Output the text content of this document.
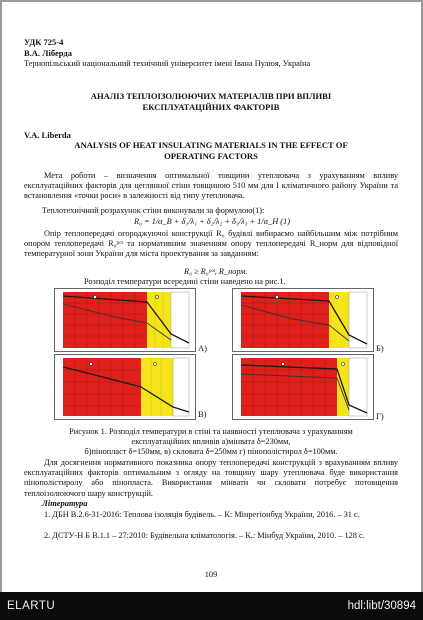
УДК 725-4
В.А. Ліберда
Тернопільський національний технічний університет імені Івана Пулюя, Україна
АНАЛІЗ ТЕПЛОІЗОЛЮЮЧИХ МАТЕРІАЛІВ ПРИ ВПЛИВІ
ЕКСПЛУАТАЦІЙНИХ ФАКТОРІВ
V.A. Liberda
ANALYSIS OF HEAT INSULATING MATERIALS IN THE EFFECT OF
OPERATING FACTORS
Мета роботи – визначення оптимальної товщини утеплювача з урахуванням впливу експлуатаційних факторів для цеглянної стіни товщиною 510 мм для І кліматичного району України та встановлення «точки роси» в залежності від типу утеплювача.
Теплотехнічний розрахунок стіни виконували за формулою(1):
R₀ = 1/α_B + δ₁/λ₁ + δ₂/λ₂ + δ₃/λ₃ + 1/α_H (1)
Опір теплопередачі огороджуючої конструкції R₀ будівлі вибираємо найбільшим між потрібним опором теплопередачі R₀ᵖᵒᵗ та нормативним значенням опору теплопередачі R_норм для відповідної температурної зони України для міста проектування за завданням:
R₀ ≥ R₀ᵖᵒᵗ, R_норм.
Розподіл температури всередині стіни наведено на рис.1.
А)	Б)
В)	Г)
Рисунок 1. Розподіл температури в стіні та наявності утеплювача з урахуванням
експлуатаційних впливів а)мінвата δ=230мм,
б)пінопласт δ=150мм, в) скловата δ=250мм г) пінополістирол δ=100мм.
Для досягнення нормативного показника опору теплопередачі конструкцій з врахуванням впливу експлуатаційних факторів оптимальним з огляду на товщину шару утеплювача буде використання пінополістиролу або пінопласта. Використання мінвати чи скловати потребує потовщення теплоізолюючого шару конструкцій.
Література
1. ДБН В.2.6-31-2016: Теплова ізоляція будівель. – К: Мінрегіонбуд України, 2016. – 31 с.
2. ДСТУ-Н Б В.1.1 – 27:2010: Будівельна кліматологія. – К.: Мінбуд України, 2010. – 128 с.
109
ELARTU	hdl:libt/30894
